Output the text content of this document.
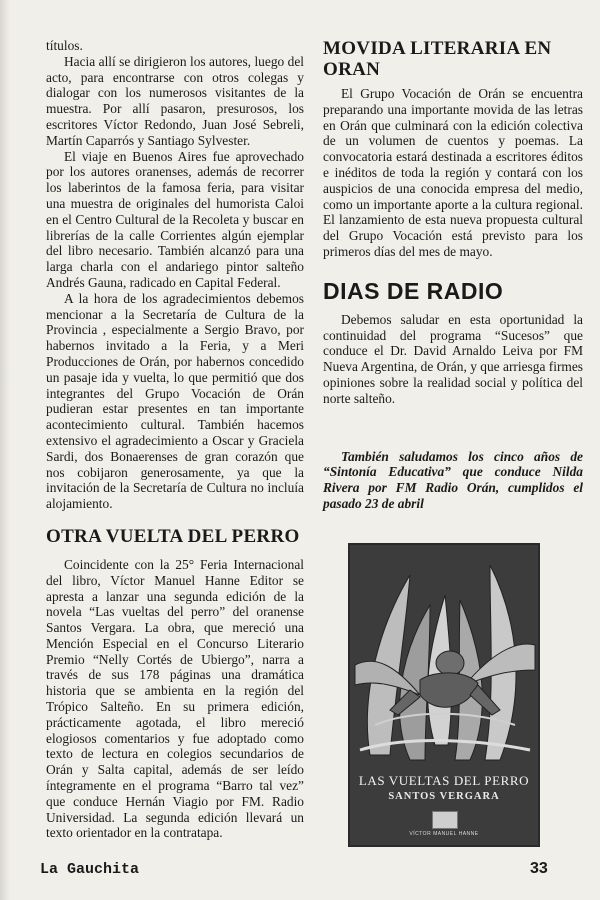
títulos.

Hacia allí se dirigieron los autores, luego del acto, para encontrarse con otros colegas y dialogar con los numerosos visitantes de la muestra. Por allí pasaron, presurosos, los escritores Víctor Redondo, Juan José Sebreli, Martín Caparrós y Santiago Sylvester.

El viaje en Buenos Aires fue aprovechado por los autores oranenses, además de recorrer los laberintos de la famosa feria, para visitar una muestra de originales del humorista Caloi en el Centro Cultural de la Recoleta y buscar en librerías de la calle Corrientes algún ejemplar del libro necesario. También alcanzó para una larga charla con el andariego pintor salteño Andrés Gauna, radicado en Capital Federal.

A la hora de los agradecimientos debemos mencionar a la Secretaría de Cultura de la Provincia , especialmente a Sergio Bravo, por habernos invitado a la Feria, y a Meri Producciones de Orán, por habernos concedido un pasaje ida y vuelta, lo que permitió que dos integrantes del Grupo Vocación de Orán pudieran estar presentes en tan importante acontecimiento cultural. También hacemos extensivo el agradecimiento a Oscar y Graciela Sardi, dos Bonaerenses de gran corazón que nos cobijaron generosamente, ya que la invitación de la Secretaría de Cultura no incluía alojamiento.

OTRA VUELTA DEL PERRO

Coincidente con la 25° Feria Internacional del libro, Víctor Manuel Hanne Editor se apresta a lanzar una segunda edición de la novela “Las vueltas del perro” del oranense Santos Vergara. La obra, que mereció una Mención Especial en el Concurso Literario Premio “Nelly Cortés de Ubiergo”, narra a través de sus 178 páginas una dramática historia que se ambienta en la región del Trópico Salteño. En su primera edición, prácticamente agotada, el libro mereció elogiosos comentarios y fue adoptado como texto de lectura en colegios secundarios de Orán y Salta capital, además de ser leído íntegramente en el programa “Barro tal vez” que conduce Hernán Viagio por FM. Radio Universidad. La segunda edición llevará un texto orientador en la contratapa.

MOVIDA LITERARIA EN ORAN

El Grupo Vocación de Orán se encuentra preparando una importante movida de las letras en Orán que culminará con la edición colectiva de un volumen de cuentos y poemas. La convocatoria estará destinada a escritores éditos e inéditos de toda la región y contará con los auspicios de una conocida empresa del medio, como un importante aporte a la cultura regional. El lanzamiento de esta nueva propuesta cultural del Grupo Vocación está previsto para los primeros días del mes de mayo.

DIAS DE RADIO

Debemos saludar en esta oportunidad la continuidad del programa “Sucesos” que conduce el Dr. David Arnaldo Leiva por FM Nueva Argentina, de Orán, y que arriesga firmes opiniones sobre la realidad social y política del norte salteño.

También saludamos los cinco años de “Sintonía Educativa” que conduce Nilda Rivera por FM Radio Orán, cumplidos el pasado 23 de abril

LAS VUELTAS DEL PERRO
SANTOS VERGARA
VÍCTOR MANUEL HANNE
La Gauchita	33
